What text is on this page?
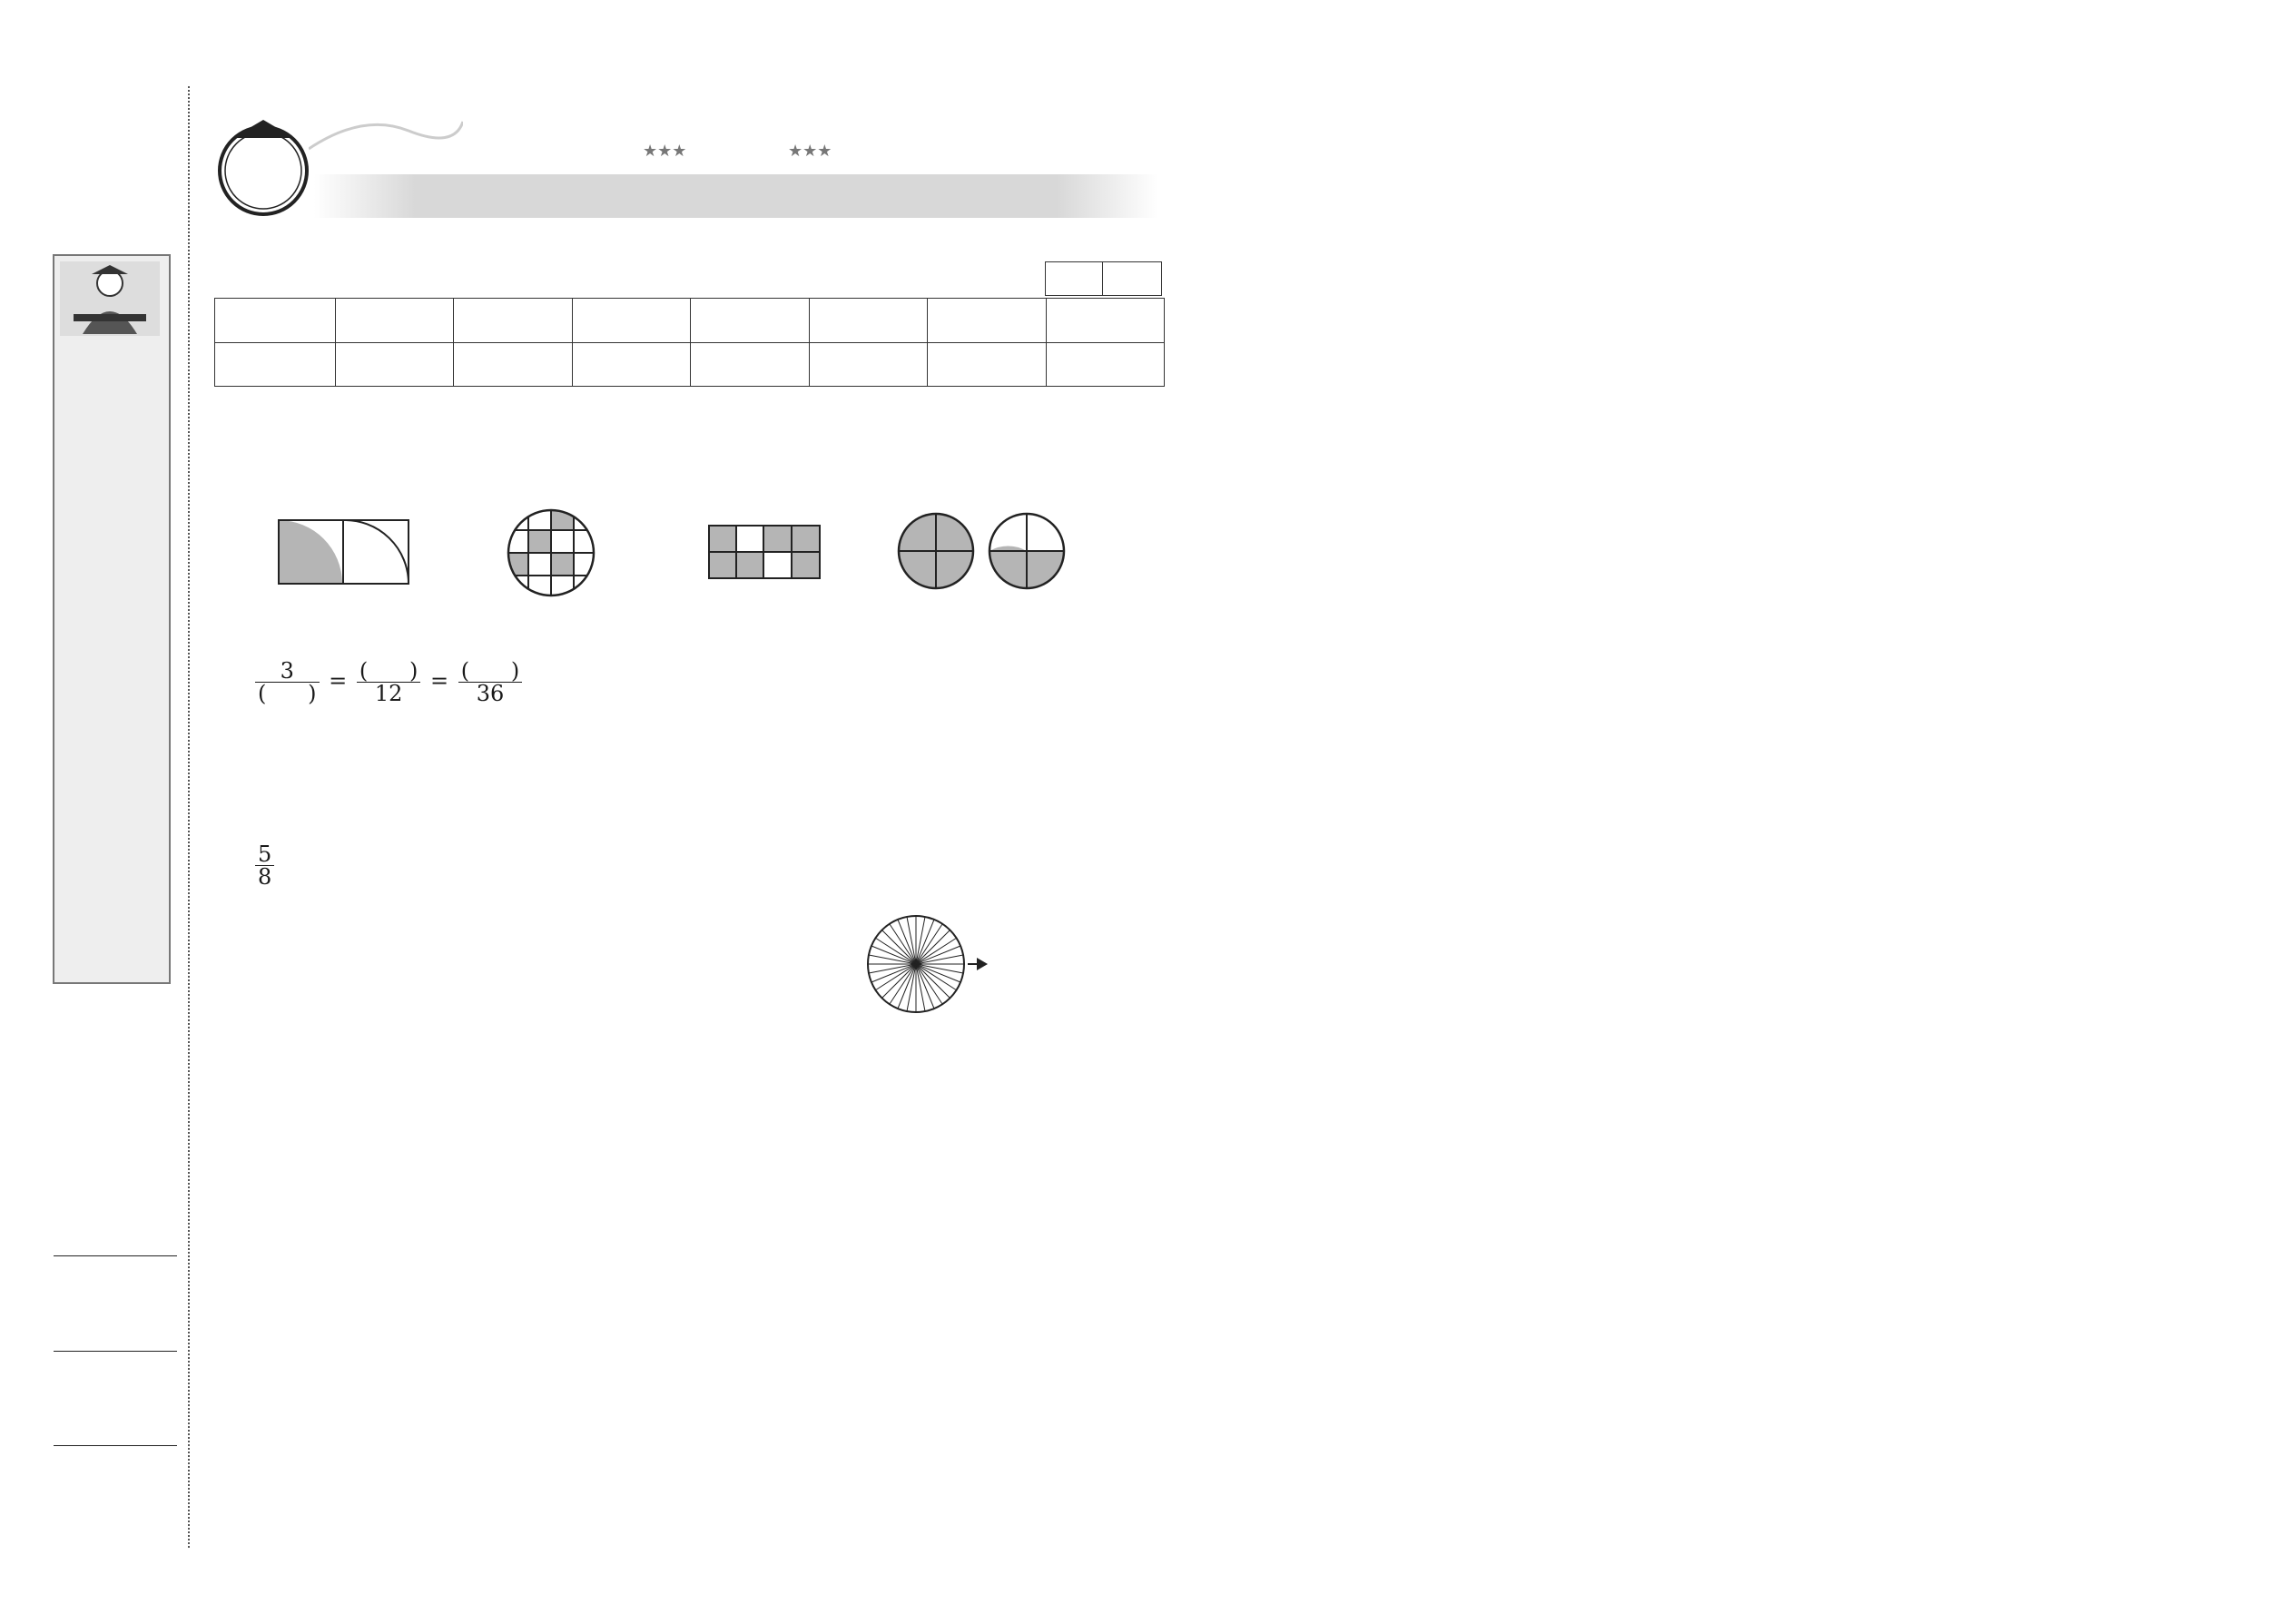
★★★	★★★

3
(      ) = (      )
12 = (      )
36
$\frac{5}{8}$
